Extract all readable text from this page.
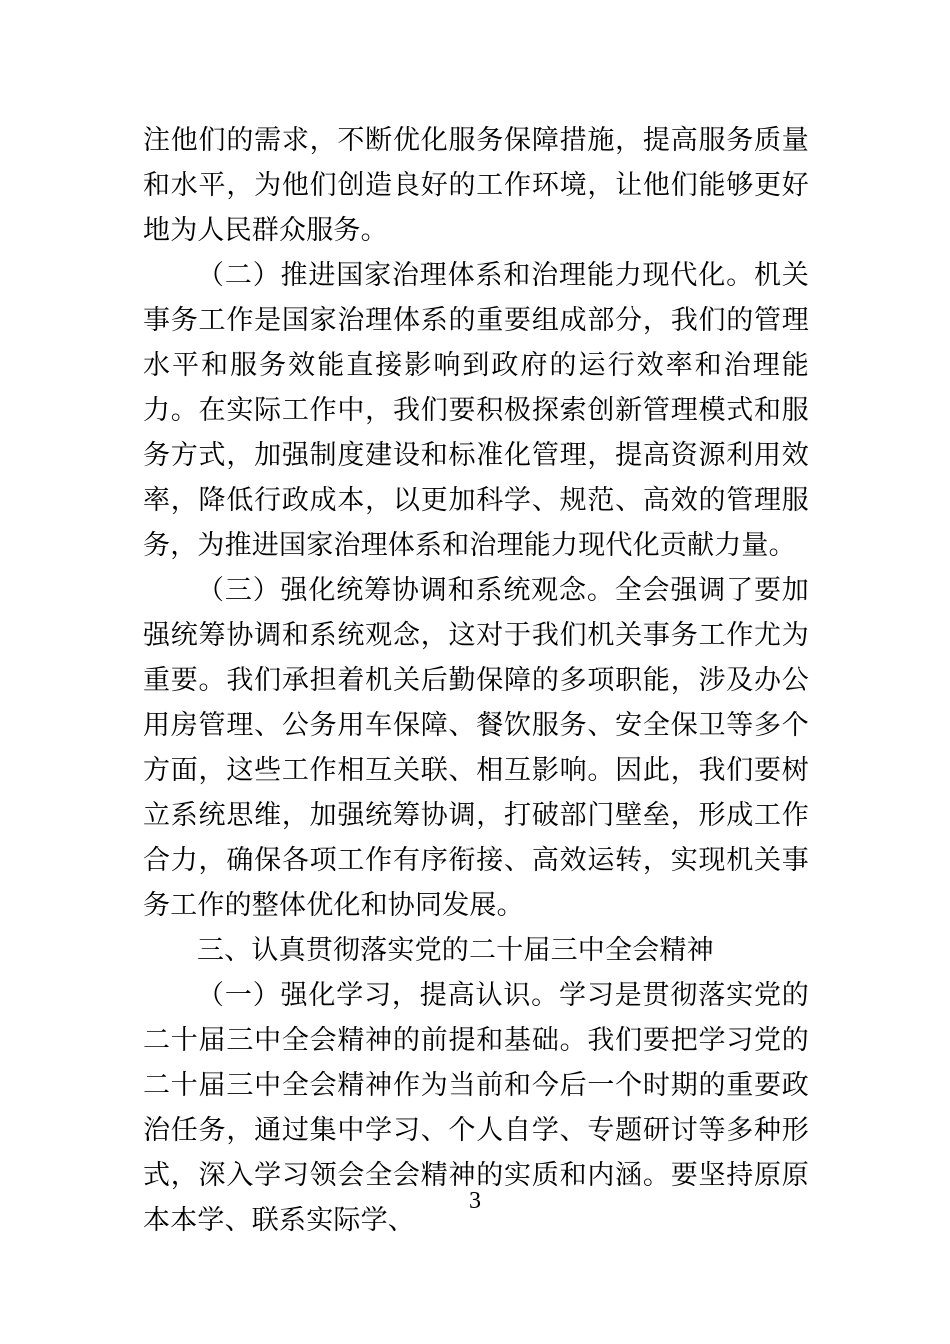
注他们的需求，不断优化服务保障措施，提高服务质量和水平，为他们创造良好的工作环境，让他们能够更好地为人民群众服务。

（二）推进国家治理体系和治理能力现代化。机关事务工作是国家治理体系的重要组成部分，我们的管理水平和服务效能直接影响到政府的运行效率和治理能力。在实际工作中，我们要积极探索创新管理模式和服务方式，加强制度建设和标准化管理，提高资源利用效率，降低行政成本，以更加科学、规范、高效的管理服务，为推进国家治理体系和治理能力现代化贡献力量。

（三）强化统筹协调和系统观念。全会强调了要加强统筹协调和系统观念，这对于我们机关事务工作尤为重要。我们承担着机关后勤保障的多项职能，涉及办公用房管理、公务用车保障、餐饮服务、安全保卫等多个方面，这些工作相互关联、相互影响。因此，我们要树立系统思维，加强统筹协调，打破部门壁垒，形成工作合力，确保各项工作有序衔接、高效运转，实现机关事务工作的整体优化和协同发展。

三、认真贯彻落实党的二十届三中全会精神

（一）强化学习，提高认识。学习是贯彻落实党的二十届三中全会精神的前提和基础。我们要把学习党的二十届三中全会精神作为当前和今后一个时期的重要政治任务，通过集中学习、个人自学、专题研讨等多种形式，深入学习领会全会精神的实质和内涵。要坚持原原本本学、联系实际学、

3
